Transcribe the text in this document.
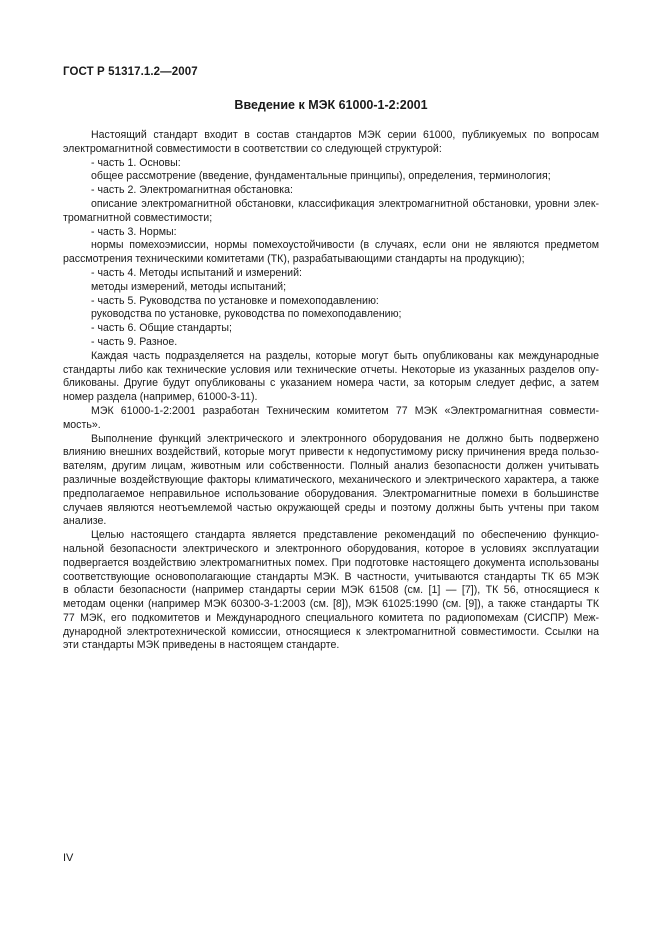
ГОСТ Р 51317.1.2—2007
Введение к МЭК 61000-1-2:2001

Настоящий стандарт входит в состав стандартов МЭК серии 61000, публикуемых по вопросам

электромагнитной совместимости в соответствии со следующей структурой:

- часть 1. Основы:

общее рассмотрение (введение, фундаментальные принципы), определения, терминология;

- часть 2. Электромагнитная обстановка:

описание электромагнитной обстановки, классификация электромагнитной обстановки, уровни элек-

тромагнитной совместимости;

- часть 3. Нормы:

нормы помехоэмиссии, нормы помехоустойчивости (в случаях, если они не являются предметом

рассмотрения техническими комитетами (ТК), разрабатывающими стандарты на продукцию);

- часть 4. Методы испытаний и измерений:

методы измерений, методы испытаний;

- часть 5. Руководства по установке и помехоподавлению:

руководства по установке, руководства по помехоподавлению;

- часть 6. Общие стандарты;

- часть 9. Разное.

Каждая часть подразделяется на разделы, которые могут быть опубликованы как международные

стандарты либо как технические условия или технические отчеты. Некоторые из указанных разделов опу-

бликованы. Другие будут опубликованы с указанием номера части, за которым следует дефис, а затем

номер раздела (например, 61000-3-11).

МЭК 61000-1-2:2001 разработан Техническим комитетом 77 МЭК «Электромагнитная совмести-

мость».

Выполнение функций электрического и электронного оборудования не должно быть подвержено

влиянию внешних воздействий, которые могут привести к недопустимому риску причинения вреда пользо-

вателям, другим лицам, животным или собственности. Полный анализ безопасности должен учитывать

различные воздействующие факторы климатического, механического и электрического характера, а также

предполагаемое неправильное использование оборудования. Электромагнитные помехи в большинстве

случаев являются неотъемлемой частью окружающей среды и поэтому должны быть учтены при таком

анализе.

Целью настоящего стандарта является представление рекомендаций по обеспечению функцио-

нальной безопасности электрического и электронного оборудования, которое в условиях эксплуатации

подвергается воздействию электромагнитных помех. При подготовке настоящего документа использованы

соответствующие основополагающие стандарты МЭК. В частности, учитываются стандарты ТК 65 МЭК

в области безопасности (например стандарты серии МЭК 61508 (см. [1] — [7]), ТК 56, относящиеся к

методам оценки (например МЭК 60300-3-1:2003 (см. [8]), МЭК 61025:1990 (см. [9]), а также стандарты ТК

77 МЭК, его подкомитетов и Международного специального комитета по радиопомехам (СИСПР) Меж-

дународной электротехнической комиссии, относящиеся к электромагнитной совместимости. Ссылки на

эти стандарты МЭК приведены в настоящем стандарте.

IV
